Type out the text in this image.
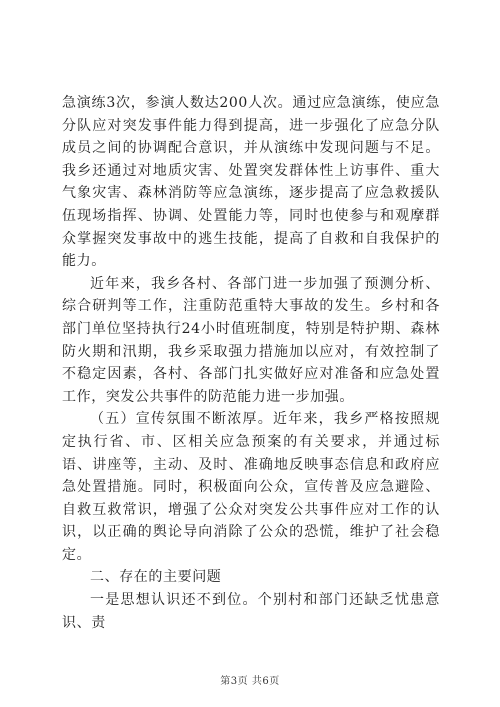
急演练3次，参演人数达200人次。通过应急演练，使应急分队应对突发事件能力得到提高，进一步强化了应急分队成员之间的协调配合意识，并从演练中发现问题与不足。我乡还通过对地质灾害、处置突发群体性上访事件、重大气象灾害、森林消防等应急演练，逐步提高了应急救援队伍现场指挥、协调、处置能力等，同时也使参与和观摩群众掌握突发事故中的逃生技能，提高了自救和自我保护的能力。

近年来，我乡各村、各部门进一步加强了预测分析、综合研判等工作，注重防范重特大事故的发生。乡村和各部门单位坚持执行24小时值班制度，特别是特护期、森林防火期和汛期，我乡采取强力措施加以应对，有效控制了不稳定因素，各村、各部门扎实做好应对准备和应急处置工作，突发公共事件的防范能力进一步加强。

（五）宣传氛围不断浓厚。近年来，我乡严格按照规定执行省、市、区相关应急预案的有关要求，并通过标语、讲座等，主动、及时、准确地反映事态信息和政府应急处置措施。同时，积极面向公众，宣传普及应急避险、自救互救常识，增强了公众对突发公共事件应对工作的认识，以正确的舆论导向消除了公众的恐慌，维护了社会稳定。

二、存在的主要问题

一是思想认识还不到位。个别村和部门还缺乏忧患意识、责

第3页 共6页
